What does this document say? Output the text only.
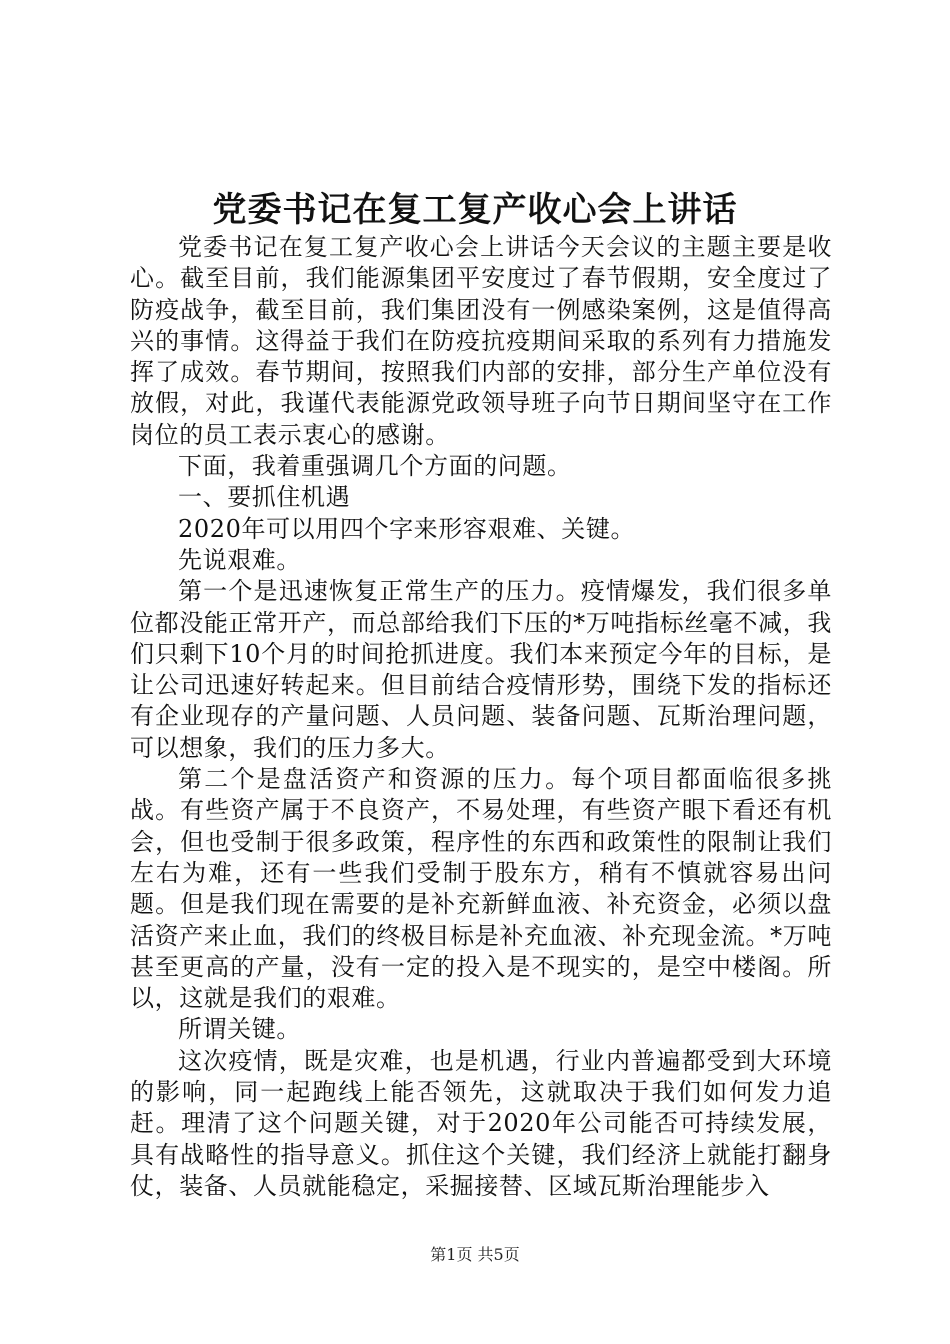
党委书记在复工复产收心会上讲话

党委书记在复工复产收心会上讲话今天会议的主题主要是收心。截至目前，我们能源集团平安度过了春节假期，安全度过了防疫战争，截至目前，我们集团没有一例感染案例，这是值得高兴的事情。这得益于我们在防疫抗疫期间采取的系列有力措施发挥了成效。春节期间，按照我们内部的安排，部分生产单位没有放假，对此，我谨代表能源党政领导班子向节日期间坚守在工作岗位的员工表示衷心的感谢。

下面，我着重强调几个方面的问题。

一、要抓住机遇

2020年可以用四个字来形容艰难、关键。

先说艰难。

第一个是迅速恢复正常生产的压力。疫情爆发，我们很多单位都没能正常开产，而总部给我们下压的*万吨指标丝毫不减，我们只剩下10个月的时间抢抓进度。我们本来预定今年的目标，是让公司迅速好转起来。但目前结合疫情形势，围绕下发的指标还有企业现存的产量问题、人员问题、装备问题、瓦斯治理问题，可以想象，我们的压力多大。

第二个是盘活资产和资源的压力。每个项目都面临很多挑战。有些资产属于不良资产，不易处理，有些资产眼下看还有机会，但也受制于很多政策，程序性的东西和政策性的限制让我们左右为难，还有一些我们受制于股东方，稍有不慎就容易出问题。但是我们现在需要的是补充新鲜血液、补充资金，必须以盘活资产来止血，我们的终极目标是补充血液、补充现金流。*万吨甚至更高的产量，没有一定的投入是不现实的，是空中楼阁。所以，这就是我们的艰难。

所谓关键。

这次疫情，既是灾难，也是机遇，行业内普遍都受到大环境的影响，同一起跑线上能否领先，这就取决于我们如何发力追赶。理清了这个问题关键，对于2020年公司能否可持续发展，具有战略性的指导意义。抓住这个关键，我们经济上就能打翻身仗，装备、人员就能稳定，采掘接替、区域瓦斯治理能步入

第1页 共5页
